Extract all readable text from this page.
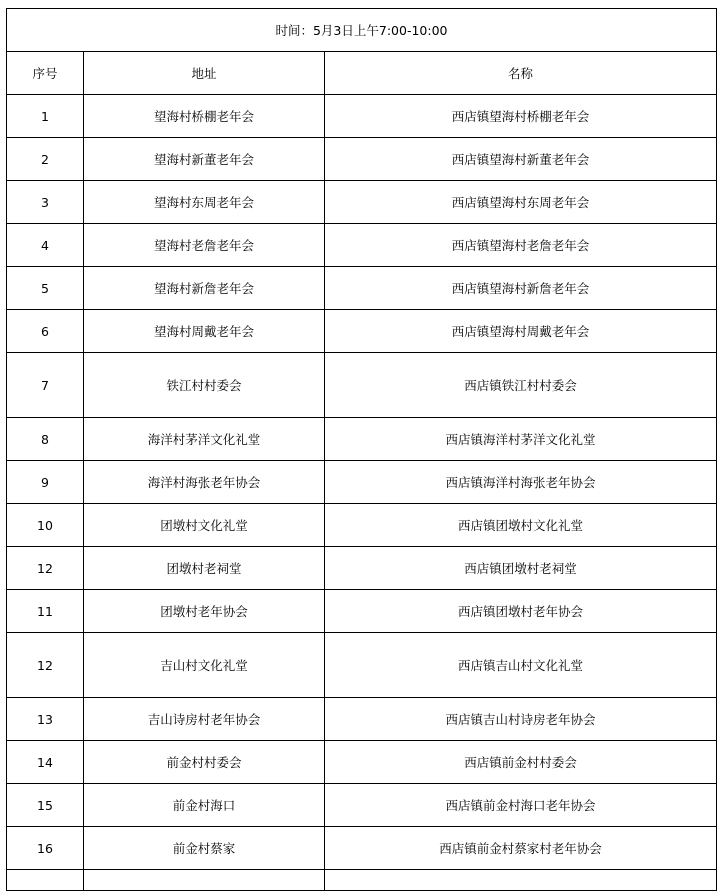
时间：5月3日上午7:00-10:00		
序号	地址	名称
1	望海村桥棚老年会	西店镇望海村桥棚老年会
2	望海村新董老年会	西店镇望海村新董老年会
3	望海村东周老年会	西店镇望海村东周老年会
4	望海村老詹老年会	西店镇望海村老詹老年会
5	望海村新詹老年会	西店镇望海村新詹老年会
6	望海村周戴老年会	西店镇望海村周戴老年会
7	铁江村村委会	西店镇铁江村村委会
8	海洋村茅洋文化礼堂	西店镇海洋村茅洋文化礼堂
9	海洋村海张老年协会	西店镇海洋村海张老年协会
10	团墩村文化礼堂	西店镇团墩村文化礼堂
12	团墩村老祠堂	西店镇团墩村老祠堂
11	团墩村老年协会	西店镇团墩村老年协会
12	吉山村文化礼堂	西店镇吉山村文化礼堂
13	吉山诗房村老年协会	西店镇吉山村诗房老年协会
14	前金村村委会	西店镇前金村村委会
15	前金村海口	西店镇前金村海口老年协会
16	前金村蔡家	西店镇前金村蔡家村老年协会
